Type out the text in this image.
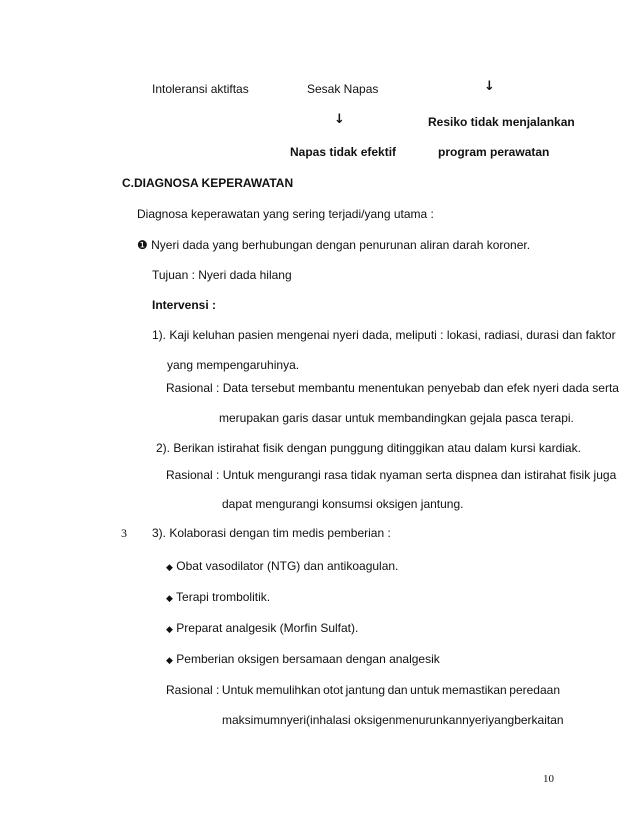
Intoleransi aktiftas	Sesak Napas	↓
↓	Resiko tidak menjalankan
Napas tidak efektif	program perawatan
C.DIAGNOSA KEPERAWATAN
Diagnosa keperawatan yang sering terjadi/yang utama :
❶ Nyeri dada yang berhubungan dengan penurunan aliran darah koroner.
Tujuan : Nyeri dada hilang
Intervensi :
1). Kaji keluhan pasien mengenai nyeri dada, meliputi : lokasi, radiasi, durasi dan faktor
yang mempengaruhinya.
Rasional : Data tersebut membantu menentukan penyebab dan efek nyeri dada serta
merupakan garis dasar untuk membandingkan gejala pasca terapi.
2). Berikan istirahat fisik dengan punggung ditinggikan atau dalam kursi kardiak.
Rasional : Untuk mengurangi rasa tidak nyaman serta dispnea dan istirahat fisik juga
dapat mengurangi konsumsi oksigen jantung.
3 3). Kolaborasi dengan tim medis pemberian :
◆ Obat vasodilator (NTG) dan antikoagulan.
◆ Terapi trombolitik.
◆ Preparat analgesik (Morfin Sulfat).
◆ Pemberian oksigen bersamaan dengan analgesik
Rasional : Untuk memulihkan otot jantung dan untuk memastikan peredaan
maksimum nyeri (inhalasi oksigen menurunkan nyeri yang berkaitan
10
